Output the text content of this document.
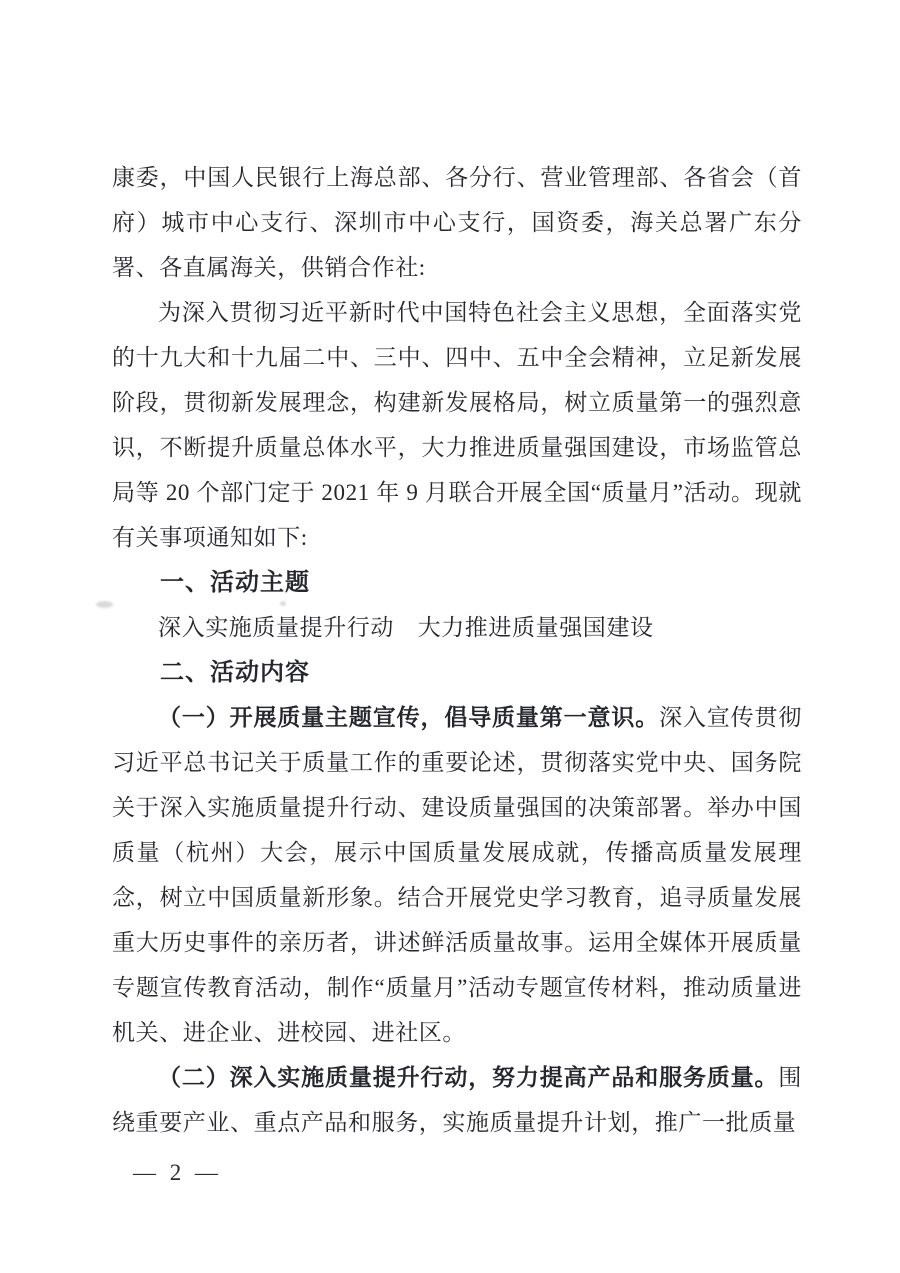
康委，中国人民银行上海总部、各分行、营业管理部、各省会（首府）城市中心支行、深圳市中心支行，国资委，海关总署广东分署、各直属海关，供销合作社:

为深入贯彻习近平新时代中国特色社会主义思想，全面落实党的十九大和十九届二中、三中、四中、五中全会精神，立足新发展阶段，贯彻新发展理念，构建新发展格局，树立质量第一的强烈意识，不断提升质量总体水平，大力推进质量强国建设，市场监管总局等 20 个部门定于 2021 年 9 月联合开展全国“质量月”活动。现就有关事项通知如下:

一、活动主题

深入实施质量提升行动　大力推进质量强国建设

二、活动内容

（一）开展质量主题宣传，倡导质量第一意识。深入宣传贯彻习近平总书记关于质量工作的重要论述，贯彻落实党中央、国务院关于深入实施质量提升行动、建设质量强国的决策部署。举办中国质量（杭州）大会，展示中国质量发展成就，传播高质量发展理念，树立中国质量新形象。结合开展党史学习教育，追寻质量发展重大历史事件的亲历者，讲述鲜活质量故事。运用全媒体开展质量专题宣传教育活动，制作“质量月”活动专题宣传材料，推动质量进机关、进企业、进校园、进社区。

（二）深入实施质量提升行动，努力提高产品和服务质量。围绕重要产业、重点产品和服务，实施质量提升计划，推广一批质量

— 2 —
